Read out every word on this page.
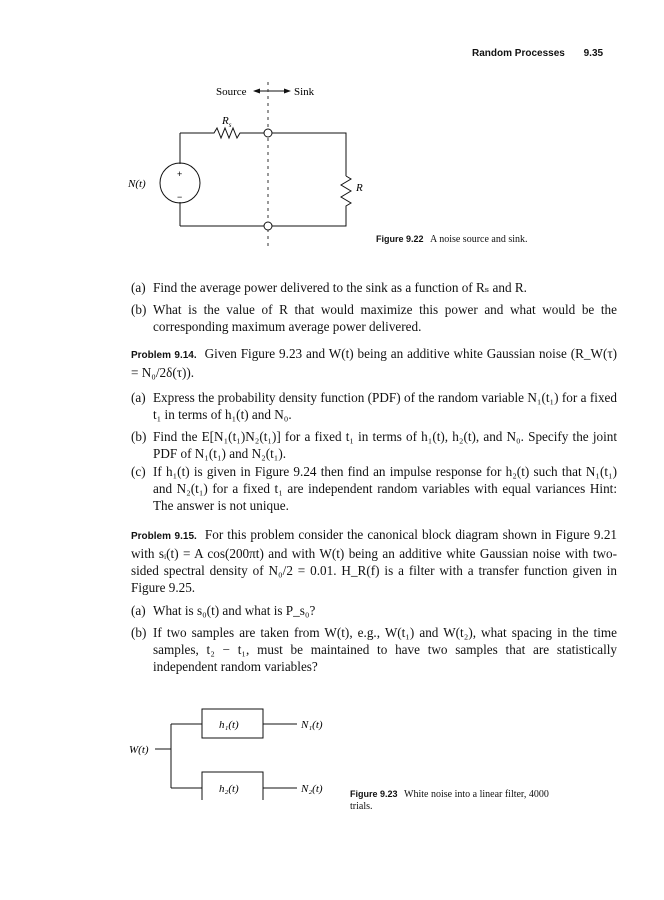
Random Processes 9.35
Source	Sink
$R_s$
+
−
N(t)	R
Figure 9.22 A noise source and sink.
(a) Find the average power delivered to the sink as a function of Rₛ and R.
(b) What is the value of R that would maximize this power and what would be the corresponding maximum average power delivered.
Problem 9.14. Given Figure 9.23 and W(t) being an additive white Gaussian noise (R_W(τ) = N₀/2δ(τ)).
(a) Express the probability density function (PDF) of the random variable N₁(t₁) for a fixed t₁ in terms of h₁(t) and N₀.
(b) Find the E[N₁(t₁)N₂(t₁)] for a fixed t₁ in terms of h₁(t), h₂(t), and N₀. Specify the joint PDF of N₁(t₁) and N₂(t₁).
(c) If h₁(t) is given in Figure 9.24 then find an impulse response for h₂(t) such that N₁(t₁) and N₂(t₁) for a fixed t₁ are independent random variables with equal variances Hint: The answer is not unique.
Problem 9.15. For this problem consider the canonical block diagram shown in Figure 9.21 with sᵢ(t) = A cos(200πt) and with W(t) being an additive white Gaussian noise with two-sided spectral density of N₀/2 = 0.01. H_R(f) is a filter with a transfer function given in Figure 9.25.
(a) What is s₀(t) and what is P_s₀?
(b) If two samples are taken from W(t), e.g., W(t₁) and W(t₂), what spacing in the time samples, t₂ − t₁, must be maintained to have two samples that are statistically independent random variables?
W(t)
h₁(t)
h₂(t)
N₁(t)
N₂(t)	Figure 9.23 White noise into a linear filter, 4000 trials.
